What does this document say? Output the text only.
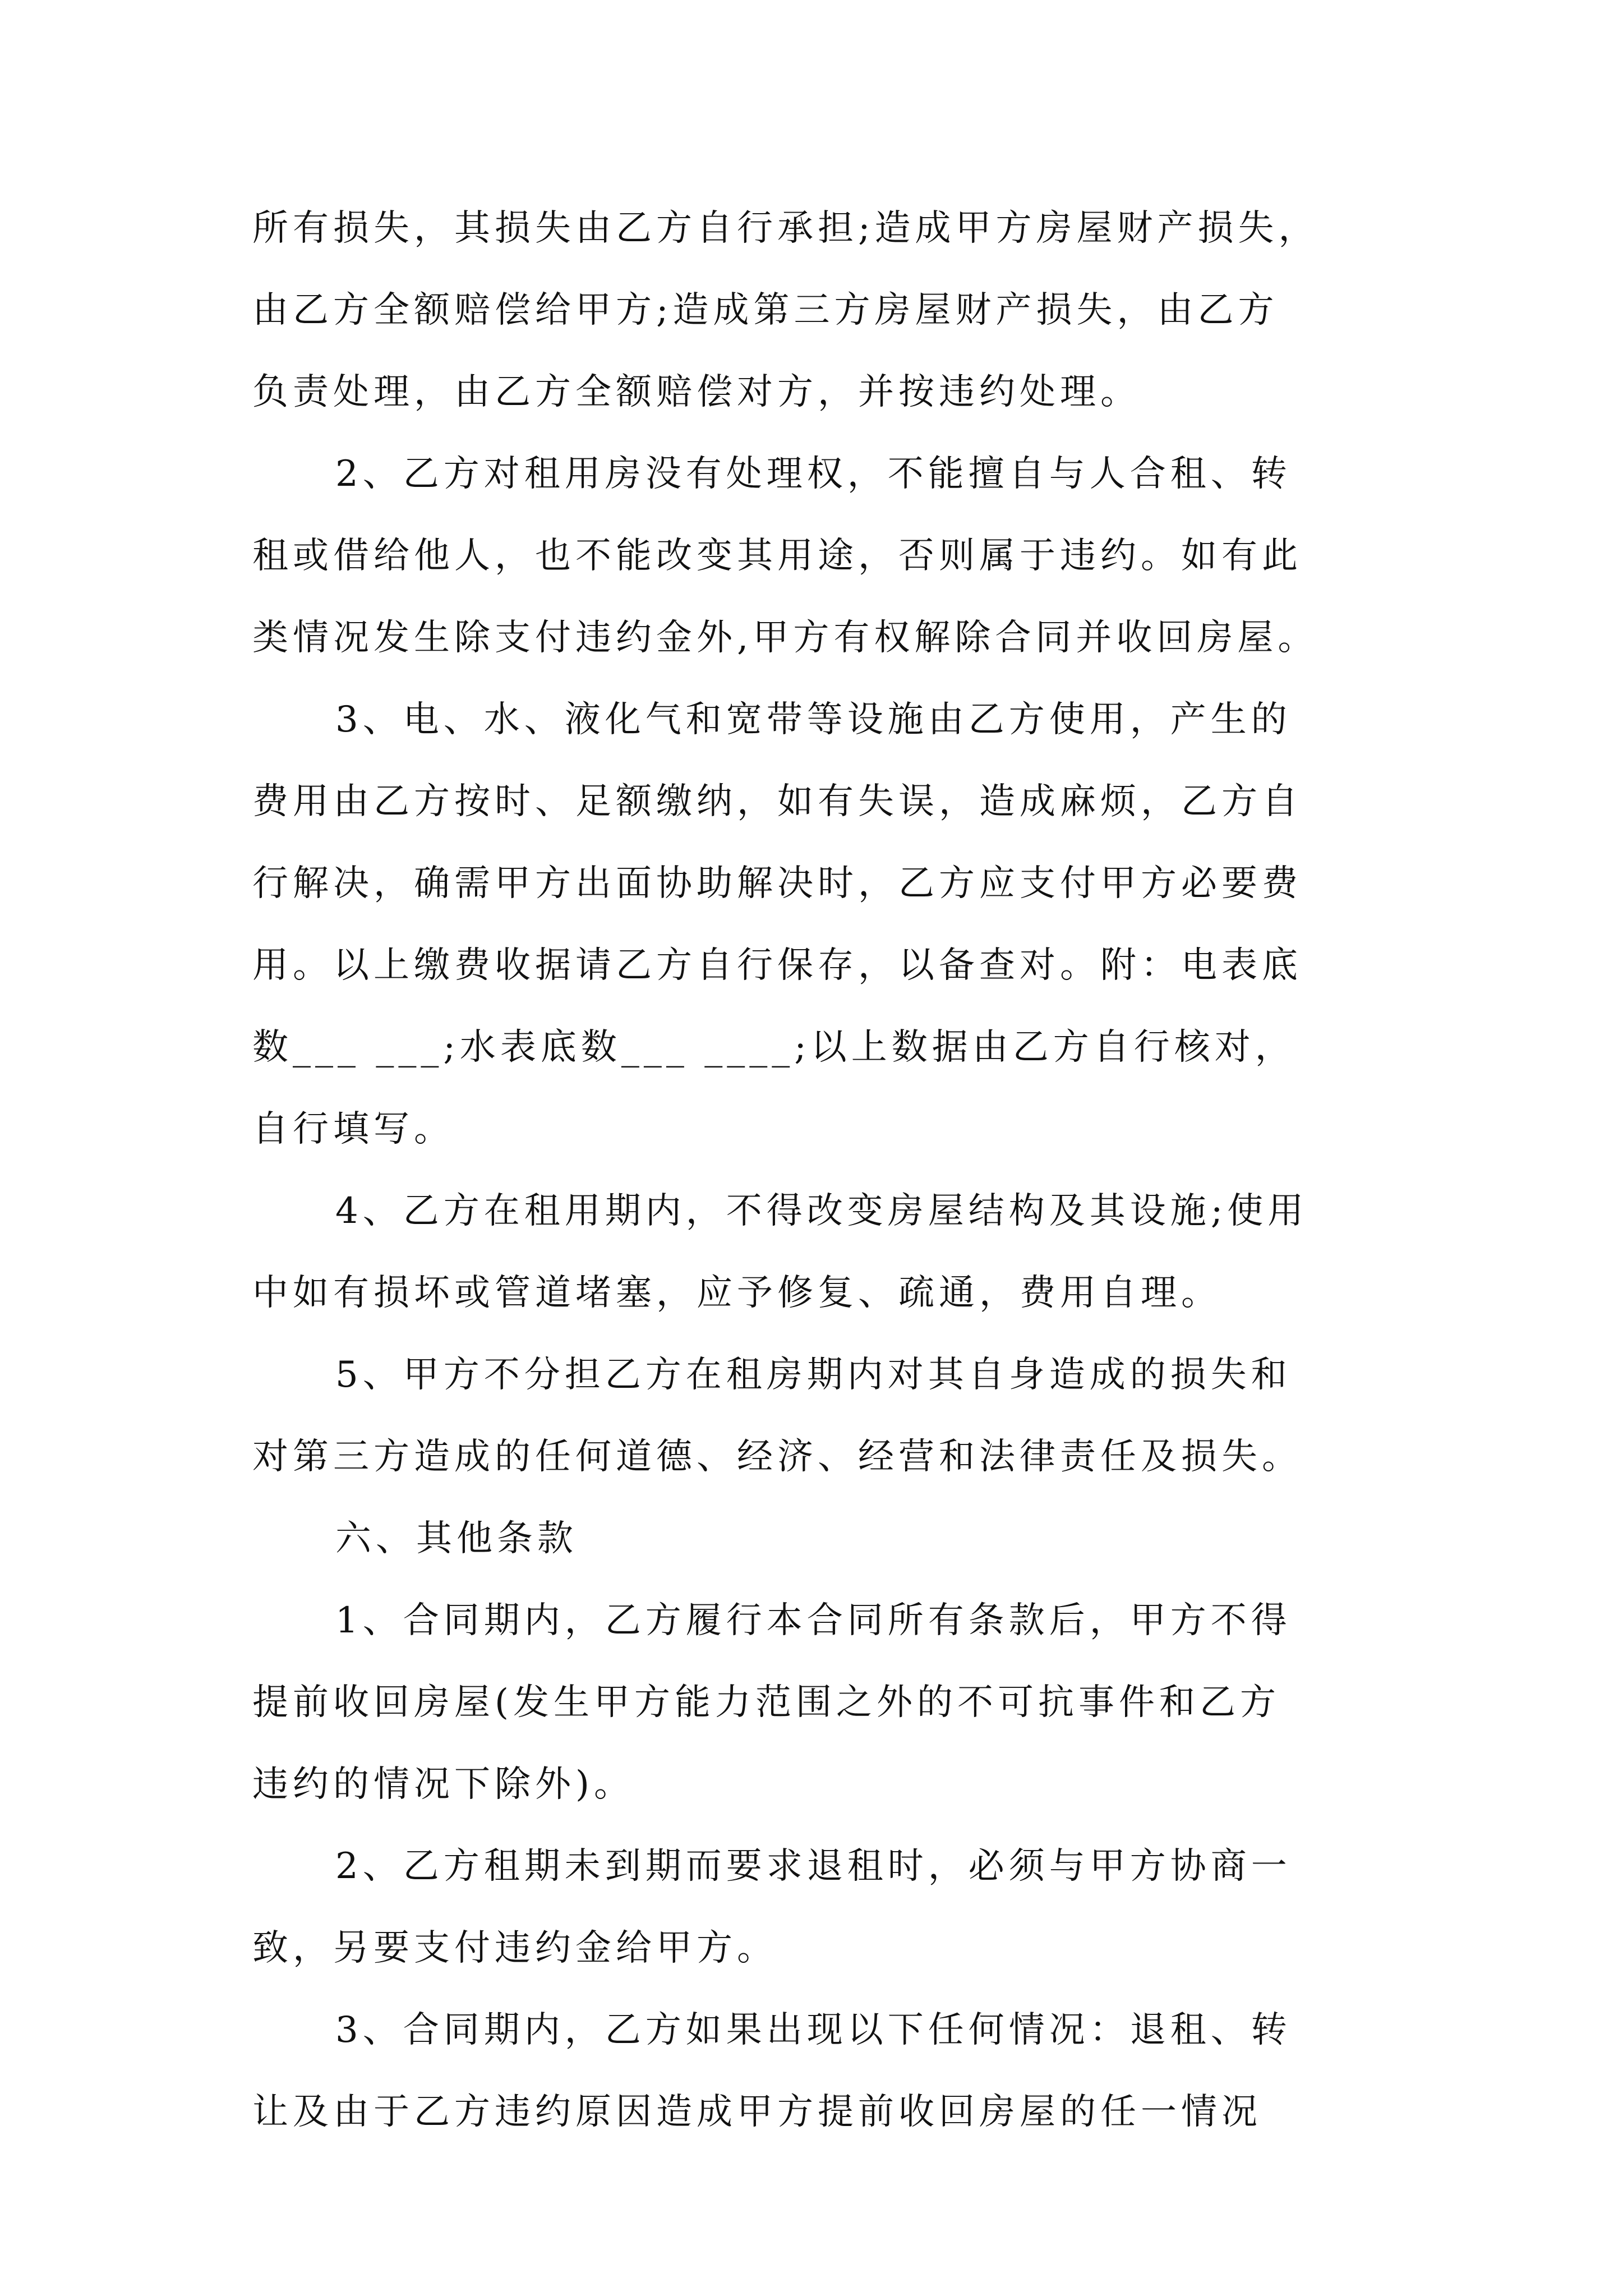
所有损失，其损失由乙方自行承担;造成甲方房屋财产损失，
由乙方全额赔偿给甲方;造成第三方房屋财产损失，由乙方
负责处理，由乙方全额赔偿对方，并按违约处理。
2、乙方对租用房没有处理权，不能擅自与人合租、转
租或借给他人，也不能改变其用途，否则属于违约。如有此
类情况发生除支付违约金外,甲方有权解除合同并收回房屋。
3、电、水、液化气和宽带等设施由乙方使用，产生的
费用由乙方按时、足额缴纳，如有失误，造成麻烦，乙方自
行解决，确需甲方出面协助解决时，乙方应支付甲方必要费
用。以上缴费收据请乙方自行保存，以备查对。附：电表底
数___ ___;水表底数___ ____;以上数据由乙方自行核对，
自行填写。
4、乙方在租用期内，不得改变房屋结构及其设施;使用
中如有损坏或管道堵塞，应予修复、疏通，费用自理。
5、甲方不分担乙方在租房期内对其自身造成的损失和
对第三方造成的任何道德、经济、经营和法律责任及损失。
六、其他条款
1、合同期内，乙方履行本合同所有条款后，甲方不得
提前收回房屋(发生甲方能力范围之外的不可抗事件和乙方
违约的情况下除外)。
2、乙方租期未到期而要求退租时，必须与甲方协商一
致，另要支付违约金给甲方。
3、合同期内，乙方如果出现以下任何情况：退租、转
让及由于乙方违约原因造成甲方提前收回房屋的任一情况
